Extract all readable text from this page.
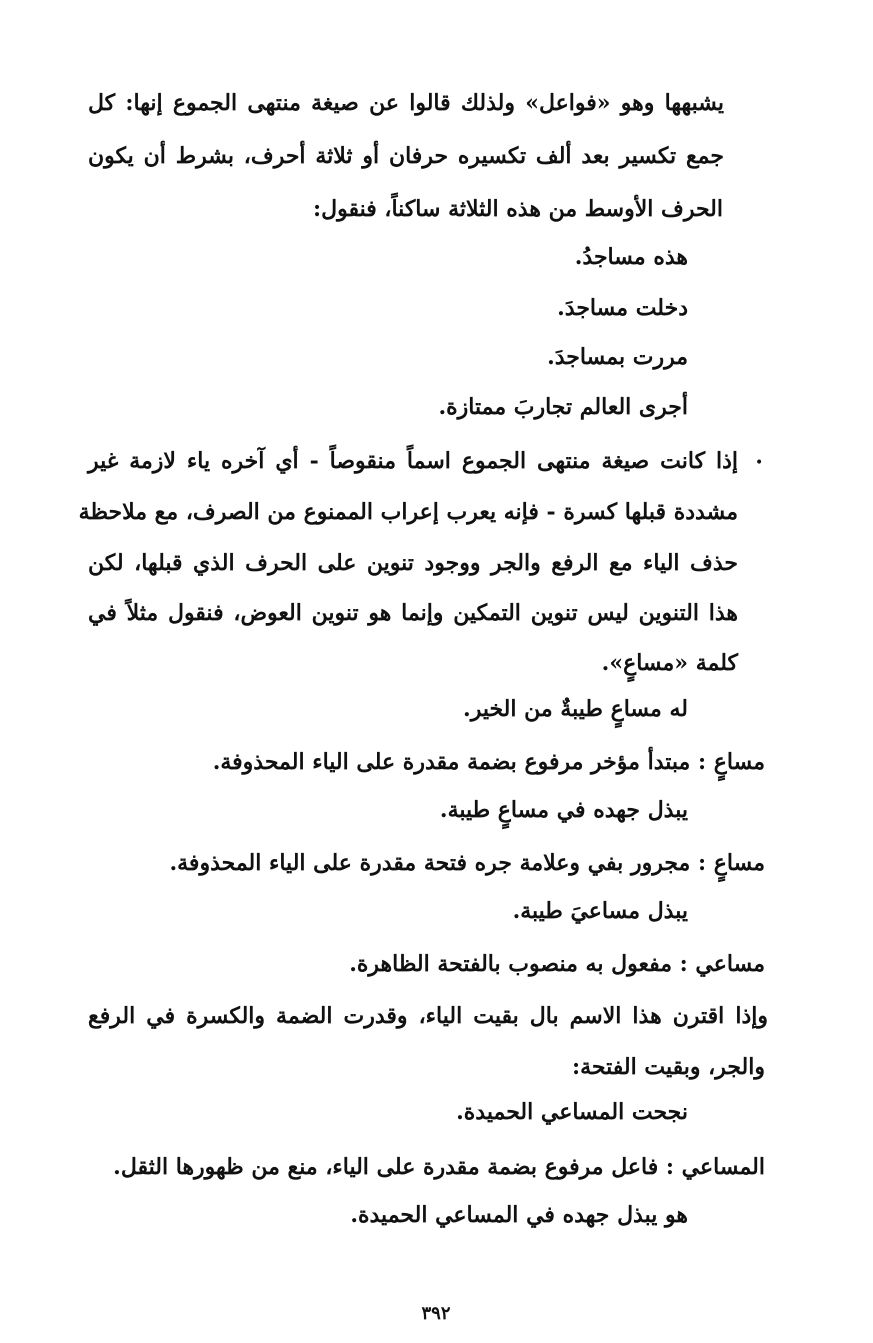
يشبهها وهو «فواعل» ولذلك قالوا عن صيغة منتهى الجموع إنها: كل
جمع تكسير بعد ألف تكسيره حرفان أو ثلاثة أحرف، بشرط أن يكون
الحرف الأوسط من هذه الثلاثة ساكناً، فنقول:
هذه مساجدُ.
دخلت مساجدَ.
مررت بمساجدَ.
أجرى العالم تجاربَ ممتازة.
•
إذا كانت صيغة منتهى الجموع اسماً منقوصاً - أي آخره ياء لازمة غير
مشددة قبلها كسرة - فإنه يعرب إعراب الممنوع من الصرف، مع ملاحظة
حذف الياء مع الرفع والجر ووجود تنوين على الحرف الذي قبلها، لكن
هذا التنوين ليس تنوين التمكين وإنما هو تنوين العوض، فنقول مثلاً في
كلمة «مساعٍ».
له مساعٍ طيبةٌ من الخير.
مساعٍ : مبتدأ مؤخر مرفوع بضمة مقدرة على الياء المحذوفة.
يبذل جهده في مساعٍ طيبة.
مساعٍ : مجرور بفي وعلامة جره فتحة مقدرة على الياء المحذوفة.
يبذل مساعيَ طيبة.
مساعي : مفعول به منصوب بالفتحة الظاهرة.
وإذا اقترن هذا الاسم بال بقيت الياء، وقدرت الضمة والكسرة في الرفع
والجر، وبقيت الفتحة:
نجحت المساعي الحميدة.
المساعي : فاعل مرفوع بضمة مقدرة على الياء، منع من ظهورها الثقل.
هو يبذل جهده في المساعي الحميدة.
٣٩٢
